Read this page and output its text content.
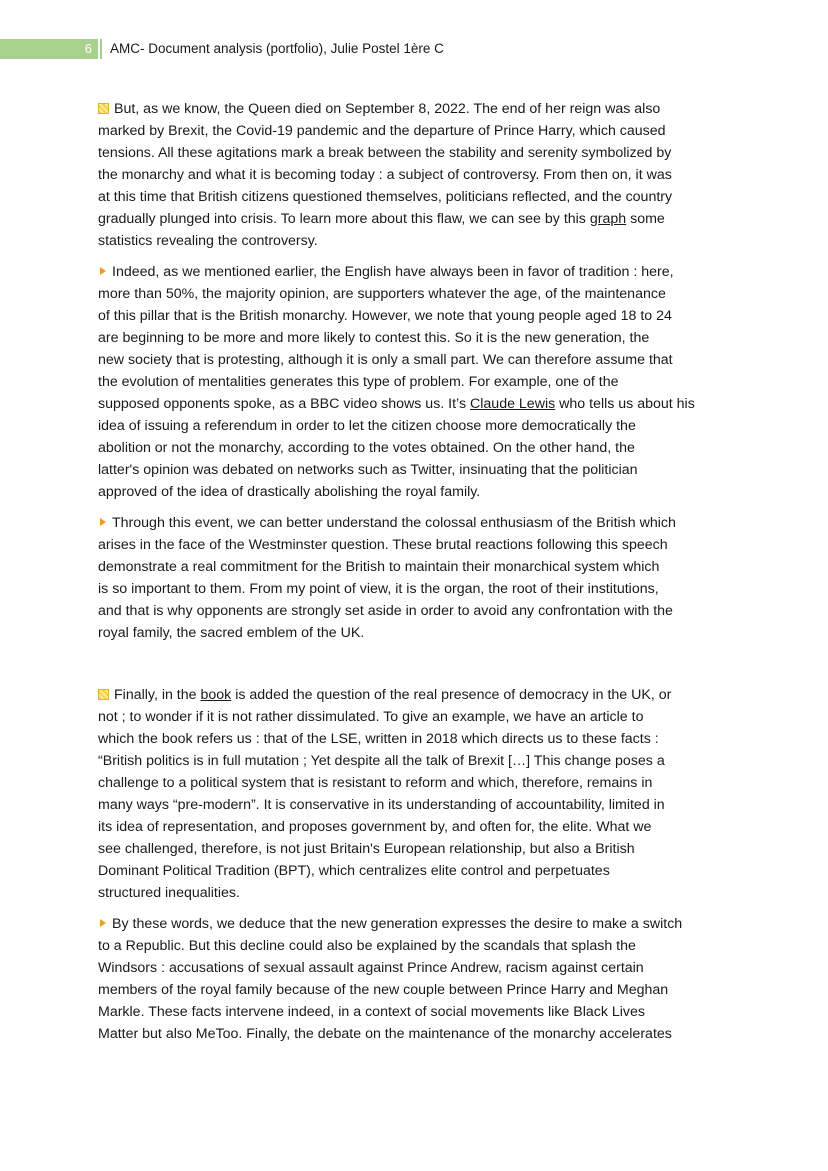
6 AMC- Document analysis (portfolio), Julie Postel 1ère C
But, as we know, the Queen died on September 8, 2022. The end of her reign was also
marked by Brexit, the Covid-19 pandemic and the departure of Prince Harry, which caused
tensions. All these agitations mark a break between the stability and serenity symbolized by
the monarchy and what it is becoming today : a subject of controversy. From then on, it was
at this time that British citizens questioned themselves, politicians reflected, and the country
gradually plunged into crisis. To learn more about this flaw, we can see by this graph some
statistics revealing the controversy.
Indeed, as we mentioned earlier, the English have always been in favor of tradition : here,
more than 50%, the majority opinion, are supporters whatever the age, of the maintenance
of this pillar that is the British monarchy. However, we note that young people aged 18 to 24
are beginning to be more and more likely to contest this. So it is the new generation, the
new society that is protesting, although it is only a small part. We can therefore assume that
the evolution of mentalities generates this type of problem. For example, one of the
supposed opponents spoke, as a BBC video shows us. It’s Claude Lewis who tells us about his
idea of issuing a referendum in order to let the citizen choose more democratically the
abolition or not the monarchy, according to the votes obtained. On the other hand, the
latter's opinion was debated on networks such as Twitter, insinuating that the politician
approved of the idea of drastically abolishing the royal family.
Through this event, we can better understand the colossal enthusiasm of the British which
arises in the face of the Westminster question. These brutal reactions following this speech
demonstrate a real commitment for the British to maintain their monarchical system which
is so important to them. From my point of view, it is the organ, the root of their institutions,
and that is why opponents are strongly set aside in order to avoid any confrontation with the
royal family, the sacred emblem of the UK.
Finally, in the book is added the question of the real presence of democracy in the UK, or
not ; to wonder if it is not rather dissimulated. To give an example, we have an article to
which the book refers us : that of the LSE, written in 2018 which directs us to these facts :
“British politics is in full mutation ; Yet despite all the talk of Brexit […] This change poses a
challenge to a political system that is resistant to reform and which, therefore, remains in
many ways “pre-modern”. It is conservative in its understanding of accountability, limited in
its idea of representation, and proposes government by, and often for, the elite. What we
see challenged, therefore, is not just Britain's European relationship, but also a British
Dominant Political Tradition (BPT), which centralizes elite control and perpetuates
structured inequalities.
By these words, we deduce that the new generation expresses the desire to make a switch
to a Republic. But this decline could also be explained by the scandals that splash the
Windsors : accusations of sexual assault against Prince Andrew, racism against certain
members of the royal family because of the new couple between Prince Harry and Meghan
Markle. These facts intervene indeed, in a context of social movements like Black Lives
Matter but also MeToo. Finally, the debate on the maintenance of the monarchy accelerates
